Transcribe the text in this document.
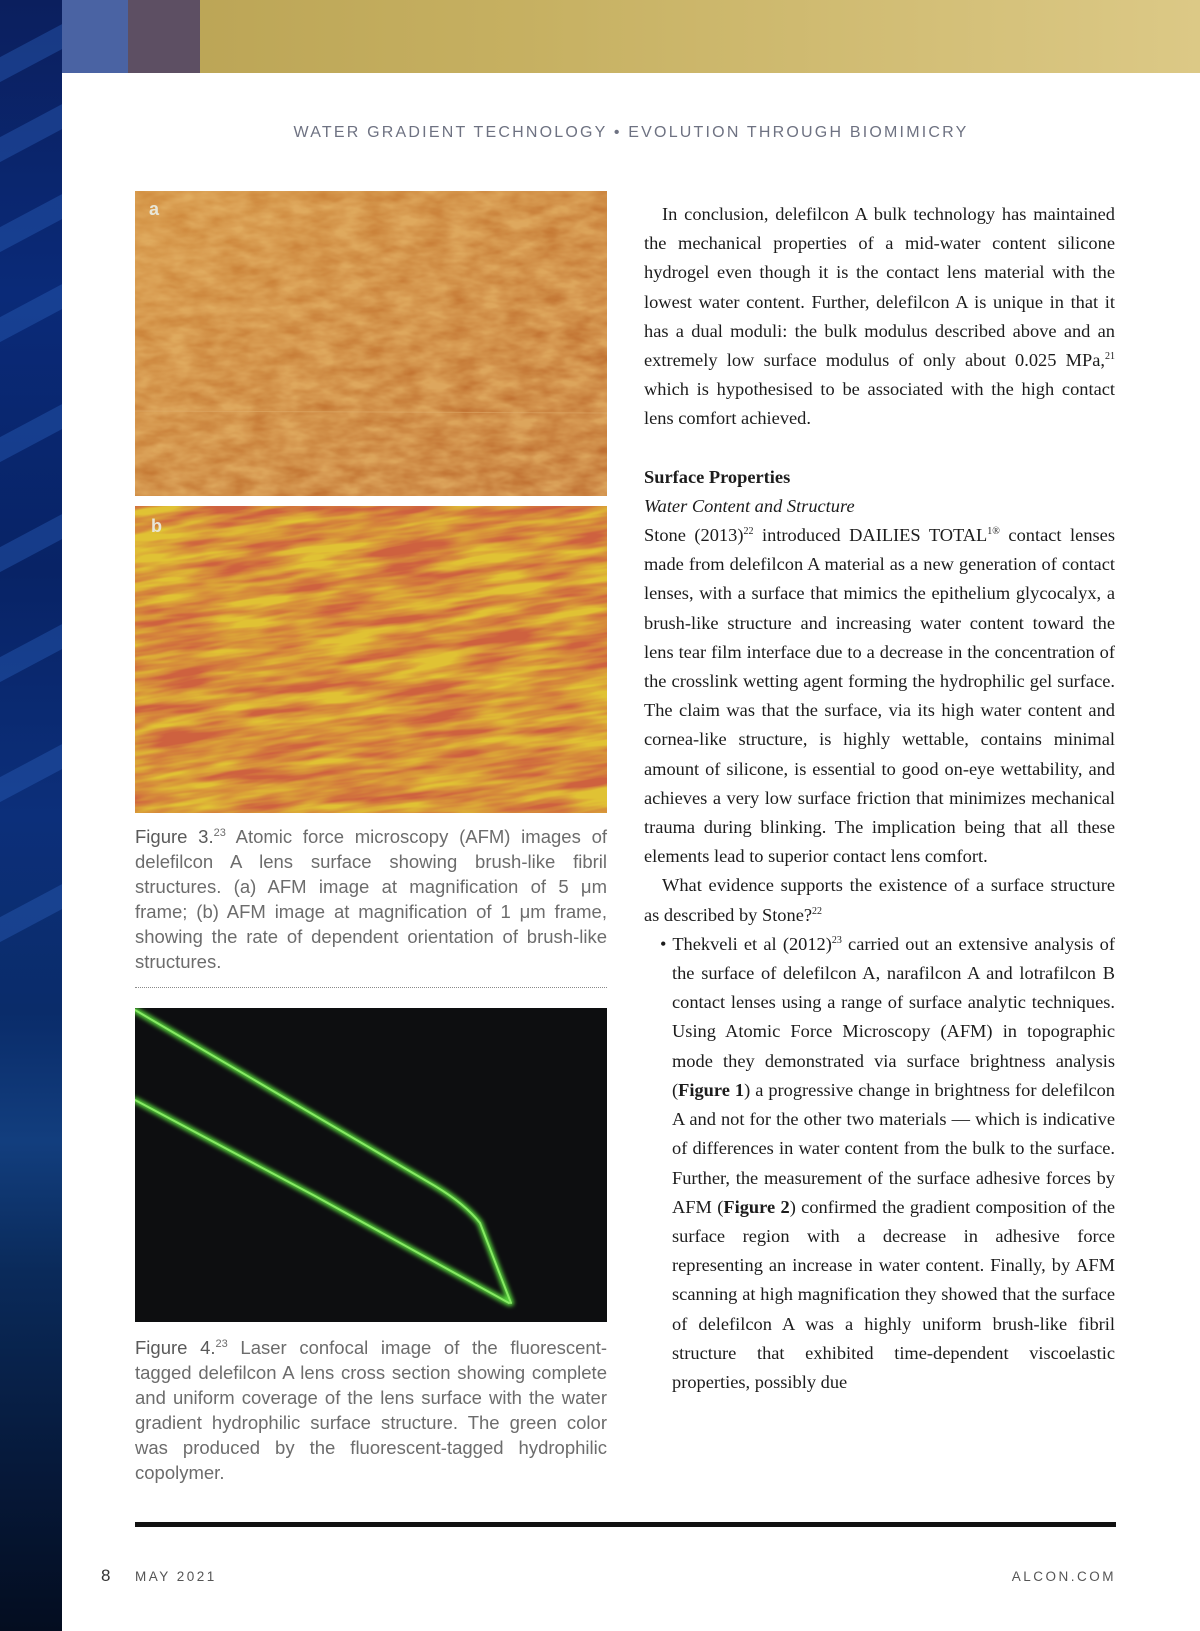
WATER GRADIENT TECHNOLOGY • EVOLUTION THROUGH BIOMIMICRY
a
b
Figure 3.23 Atomic force microscopy (AFM) images of delefilcon A lens surface showing brush-like fibril structures. (a) AFM image at magnification of 5 μm frame; (b) AFM image at magnification of 1 μm frame, showing the rate of dependent orientation of brush-like structures.
Figure 4.23 Laser confocal image of the fluorescent-tagged delefilcon A lens cross section showing complete and uniform coverage of the lens surface with the water gradient hydrophilic surface structure. The green color was produced by the fluorescent-tagged hydrophilic copolymer.

In conclusion, delefilcon A bulk technology has maintained the mechanical properties of a mid-water content silicone hydrogel even though it is the contact lens material with the lowest water content. Further, delefilcon A is unique in that it has a dual moduli: the bulk modulus described above and an extremely low surface modulus of only about 0.025 MPa,$^{21}$ which is hypothesised to be associated with the high contact lens comfort achieved.

Surface Properties

Water Content and Structure

Stone $(2013)^{22}$ introduced DAILIES $TOTAL^{1®}$ contact lenses made from delefilcon A material as a new generation of contact lenses, with a surface that mimics the epithelium glycocalyx, a brush-like structure and increasing water content toward the lens tear film interface due to a decrease in the concentration of the crosslink wetting agent forming the hydrophilic gel surface. The claim was that the surface, via its high water content and cornea-like structure, is highly wettable, contains minimal amount of silicone, is essential to good on-eye wettability, and achieves a very low surface friction that minimizes mechanical trauma during blinking. The implication being that all these elements lead to superior contact lens comfort.

What evidence supports the existence of a surface structure as described by Stone?$^{22}$

• Thekveli et al $(2012)^{23}$ carried out an extensive analysis of the surface of delefilcon A, narafilcon A and lotrafilcon B contact lenses using a range of surface analytic techniques. Using Atomic Force Microscopy (AFM) in topographic mode they demonstrated via surface brightness analysis (Figure 1) a progressive change in brightness for delefilcon A and not for the other two materials — which is indicative of differences in water content from the bulk to the surface. Further, the measurement of the surface adhesive forces by AFM (Figure 2) confirmed the gradient composition of the surface region with a decrease in adhesive force representing an increase in water content. Finally, by AFM scanning at high magnification they showed that the surface of delefilcon A was a highly uniform brush-like fibril structure that exhibited time-dependent viscoelastic properties, possibly due

8 MAY 2021	ALCON.COM
